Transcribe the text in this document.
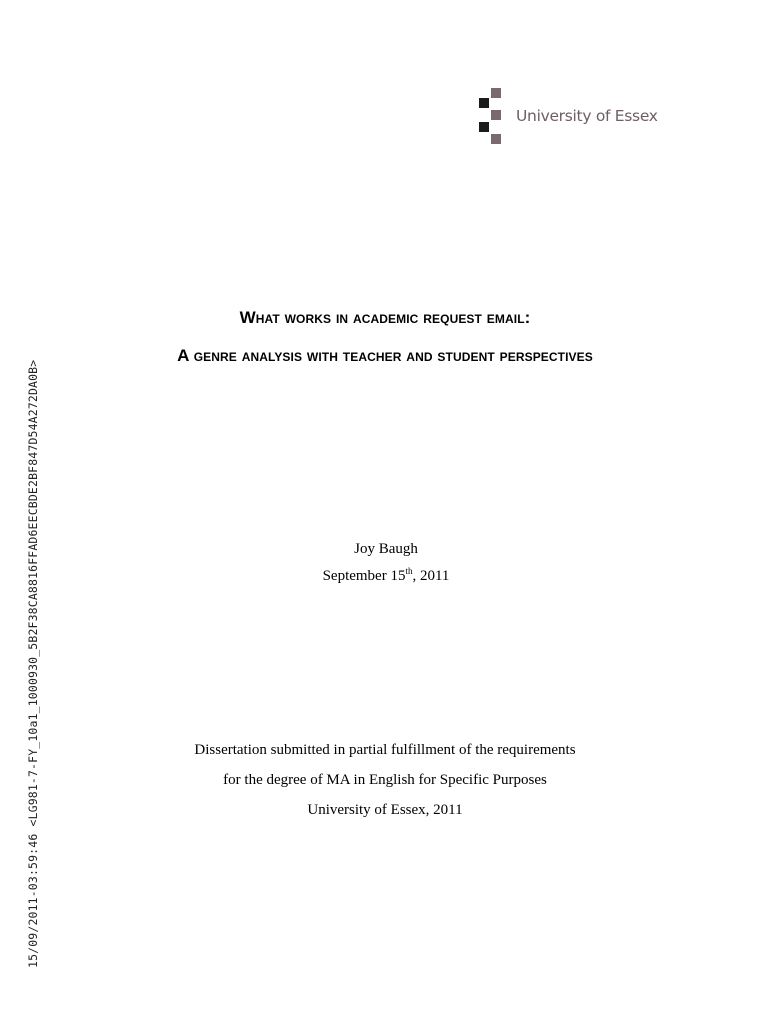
University of Essex
What works in academic request email:
A genre analysis with teacher and student perspectives
Joy Baugh
September 15th, 2011
Dissertation submitted in partial fulfillment of the requirements
for the degree of MA in English for Specific Purposes
University of Essex, 2011
15/09/2011-03:59:46 <LG981-7-FY_10a1_1000930_5B2F38CA8816FFAD6EECBDE2BF847D54A272DA0B>
